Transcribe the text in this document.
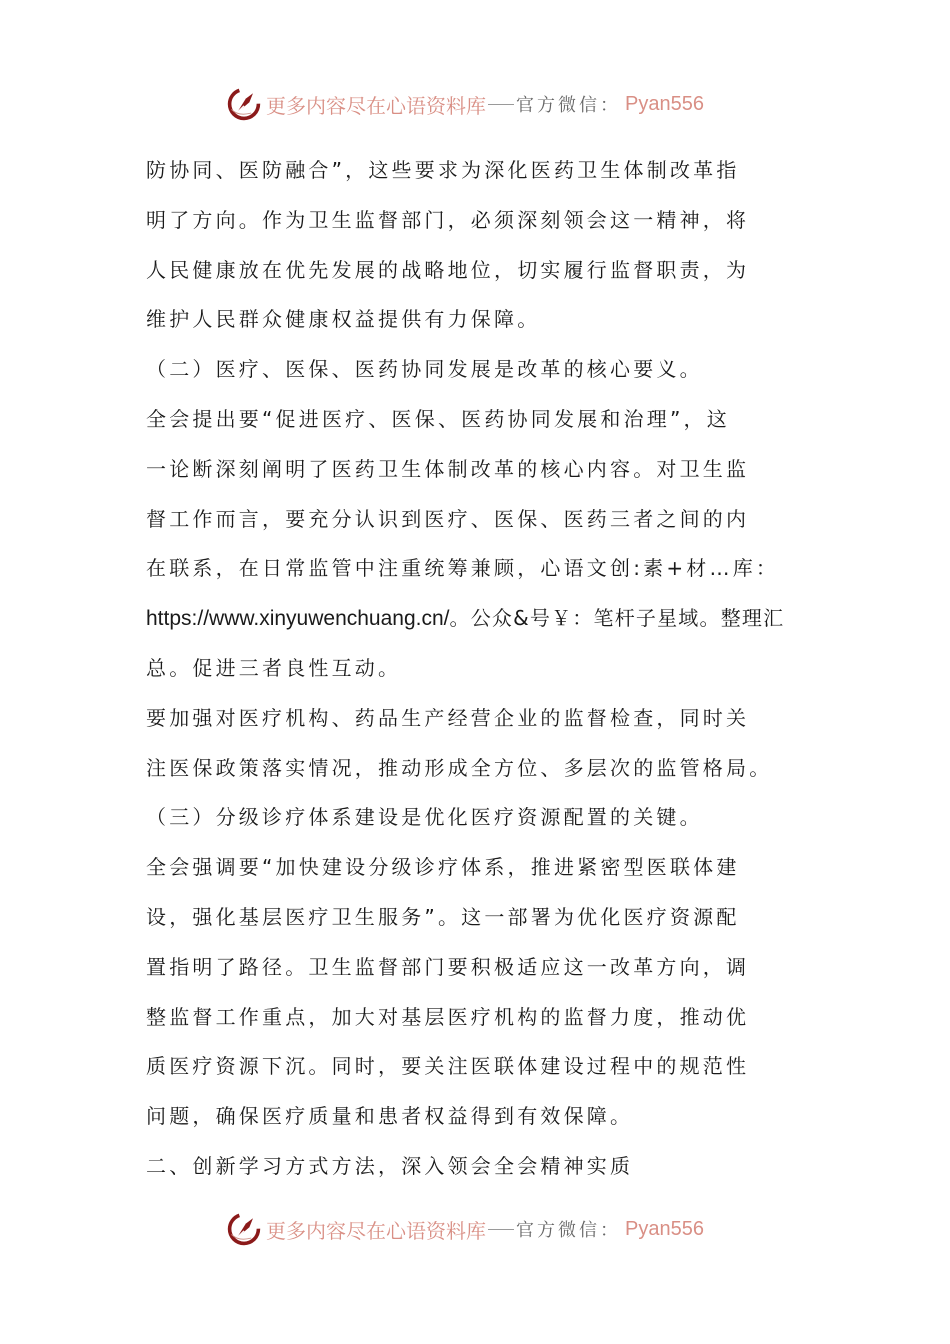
更多内容尽在心语资料库 官方微信： Pyan556
防协同、医防融合”，这些要求为深化医药卫生体制改革指
明了方向。作为卫生监督部门，必须深刻领会这一精神，将
人民健康放在优先发展的战略地位，切实履行监督职责，为
维护人民群众健康权益提供有力保障。
（二）医疗、医保、医药协同发展是改革的核心要义。
全会提出要“促进医疗、医保、医药协同发展和治理”，这
一论断深刻阐明了医药卫生体制改革的核心内容。对卫生监
督工作而言，要充分认识到医疗、医保、医药三者之间的内
在联系，在日常监管中注重统筹兼顾，心语文创:素+材…库：
https://www.xinyuwenchuang.cn/。公众&号￥：笔杆子星域。整理汇
总。促进三者良性互动。
要加强对医疗机构、药品生产经营企业的监督检查，同时关
注医保政策落实情况，推动形成全方位、多层次的监管格局。
（三）分级诊疗体系建设是优化医疗资源配置的关键。
全会强调要“加快建设分级诊疗体系，推进紧密型医联体建
设，强化基层医疗卫生服务”。这一部署为优化医疗资源配
置指明了路径。卫生监督部门要积极适应这一改革方向，调
整监督工作重点，加大对基层医疗机构的监督力度，推动优
质医疗资源下沉。同时，要关注医联体建设过程中的规范性
问题，确保医疗质量和患者权益得到有效保障。
二、创新学习方式方法，深入领会全会精神实质
更多内容尽在心语资料库 官方微信： Pyan556
